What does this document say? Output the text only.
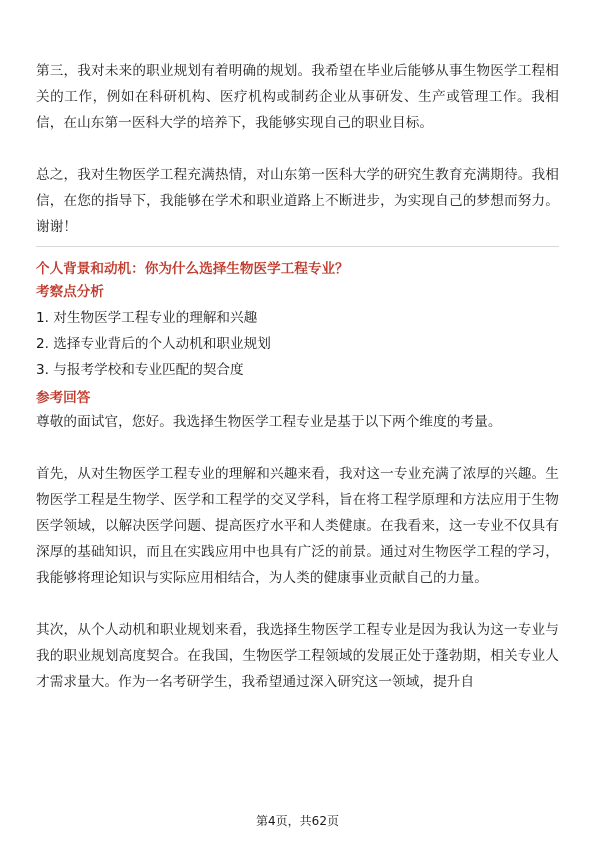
第三，我对未来的职业规划有着明确的规划。我希望在毕业后能够从事生物医学工程相关的工作，例如在科研机构、医疗机构或制药企业从事研发、生产或管理工作。我相信，在山东第一医科大学的培养下，我能够实现自己的职业目标。

总之，我对生物医学工程充满热情，对山东第一医科大学的研究生教育充满期待。我相信，在您的指导下，我能够在学术和职业道路上不断进步，为实现自己的梦想而努力。谢谢！

个人背景和动机：你为什么选择生物医学工程专业？

考察点分析

1. 对生物医学工程专业的理解和兴趣
2. 选择专业背后的个人动机和职业规划
3. 与报考学校和专业匹配的契合度

参考回答

尊敬的面试官，您好。我选择生物医学工程专业是基于以下两个维度的考量。

首先，从对生物医学工程专业的理解和兴趣来看，我对这一专业充满了浓厚的兴趣。生物医学工程是生物学、医学和工程学的交叉学科，旨在将工程学原理和方法应用于生物医学领域，以解决医学问题、提高医疗水平和人类健康。在我看来，这一专业不仅具有深厚的基础知识，而且在实践应用中也具有广泛的前景。通过对生物医学工程的学习，我能够将理论知识与实际应用相结合，为人类的健康事业贡献自己的力量。

其次，从个人动机和职业规划来看，我选择生物医学工程专业是因为我认为这一专业与我的职业规划高度契合。在我国，生物医学工程领域的发展正处于蓬勃期，相关专业人才需求量大。作为一名考研学生，我希望通过深入研究这一领域，提升自

第4页，共62页
